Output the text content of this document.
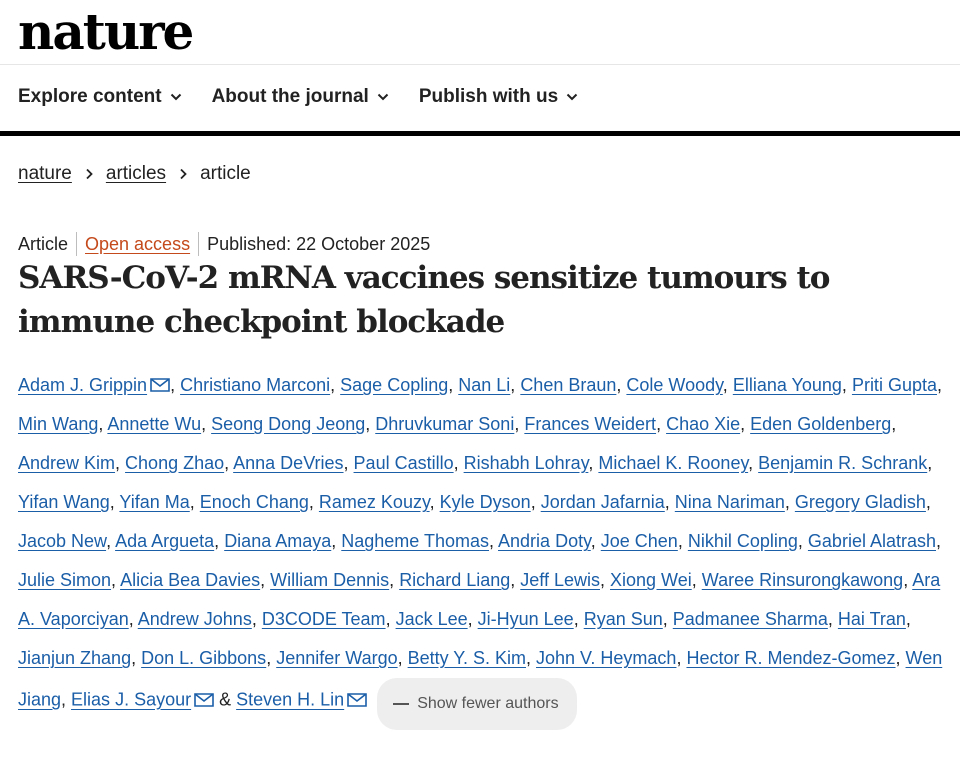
nature
Explore content	About the journal	Publish with us
nature articles article
Article Open access Published: 22 October 2025
SARS-CoV-2 mRNA vaccines sensitize tumours to immune checkpoint blockade

Adam J. Grippin , Christiano Marconi, Sage Copling, Nan Li, Chen Braun, Cole Woody, Elliana Young, Priti Gupta, Min Wang, Annette Wu, Seong Dong Jeong, Dhruvkumar Soni, Frances Weidert, Chao Xie, Eden Goldenberg, Andrew Kim, Chong Zhao, Anna DeVries, Paul Castillo, Rishabh Lohray, Michael K. Rooney, Benjamin R. Schrank, Yifan Wang, Yifan Ma, Enoch Chang, Ramez Kouzy, Kyle Dyson, Jordan Jafarnia, Nina Nariman, Gregory Gladish, Jacob New, Ada Argueta, Diana Amaya, Nagheme Thomas, Andria Doty, Joe Chen, Nikhil Copling, Gabriel Alatrash, Julie Simon, Alicia Bea Davies, William Dennis, Richard Liang, Jeff Lewis, Xiong Wei, Waree Rinsurongkawong, Ara A. Vaporciyan, Andrew Johns, D3CODE Team, Jack Lee, Ji-Hyun Lee, Ryan Sun, Padmanee Sharma, Hai Tran, Jianjun Zhang, Don L. Gibbons, Jennifer Wargo, Betty Y. S. Kim, John V. Heymach, Hector R. Mendez-Gomez, Wen Jiang, Elias J. Sayour & Steven H. Lin	Show fewer authors
